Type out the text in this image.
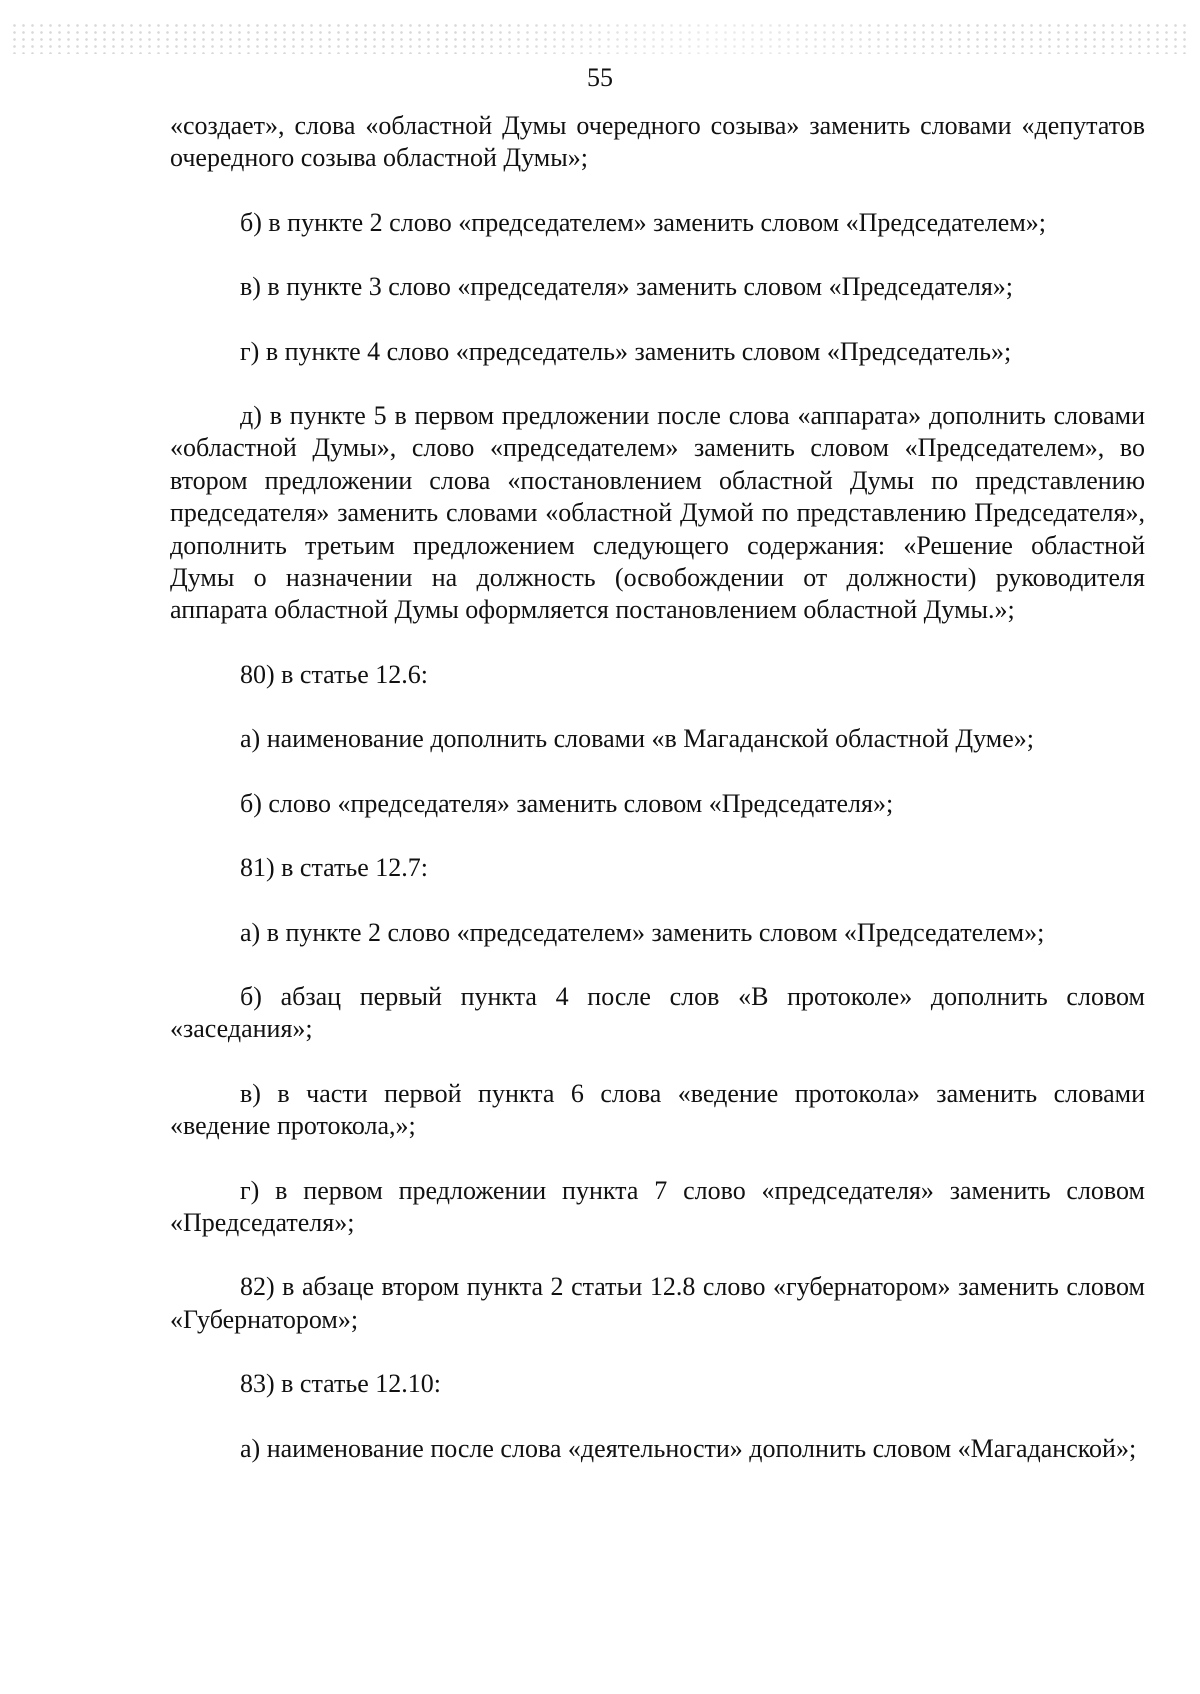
55

«создает», слова «областной Думы очередного созыва» заменить словами «депутатов очередного созыва областной Думы»;

б) в пункте 2 слово «председателем» заменить словом «Председателем»;

в) в пункте 3 слово «председателя» заменить словом «Председателя»;

г) в пункте 4 слово «председатель» заменить словом «Председатель»;

д) в пункте 5 в первом предложении после слова «аппарата» дополнить словами «областной Думы», слово «председателем» заменить словом «Председателем», во втором предложении слова «постановлением областной Думы по представлению председателя» заменить словами «областной Думой по представлению Председателя», дополнить третьим предложением следующего содержания: «Решение областной Думы о назначении на должность (освобождении от должности) руководителя аппарата областной Думы оформляется постановлением областной Думы.»;

80) в статье 12.6:

а) наименование дополнить словами «в Магаданской областной Думе»;

б) слово «председателя» заменить словом «Председателя»;

81) в статье 12.7:

а) в пункте 2 слово «председателем» заменить словом «Председателем»;

б) абзац первый пункта 4 после слов «В протоколе» дополнить словом «заседания»;

в) в части первой пункта 6 слова «ведение протокола» заменить словами «ведение протокола,»;

г) в первом предложении пункта 7 слово «председателя» заменить словом «Председателя»;

82) в абзаце втором пункта 2 статьи 12.8 слово «губернатором» заменить словом «Губернатором»;

83) в статье 12.10:

а) наименование после слова «деятельности» дополнить словом «Магаданской»;
